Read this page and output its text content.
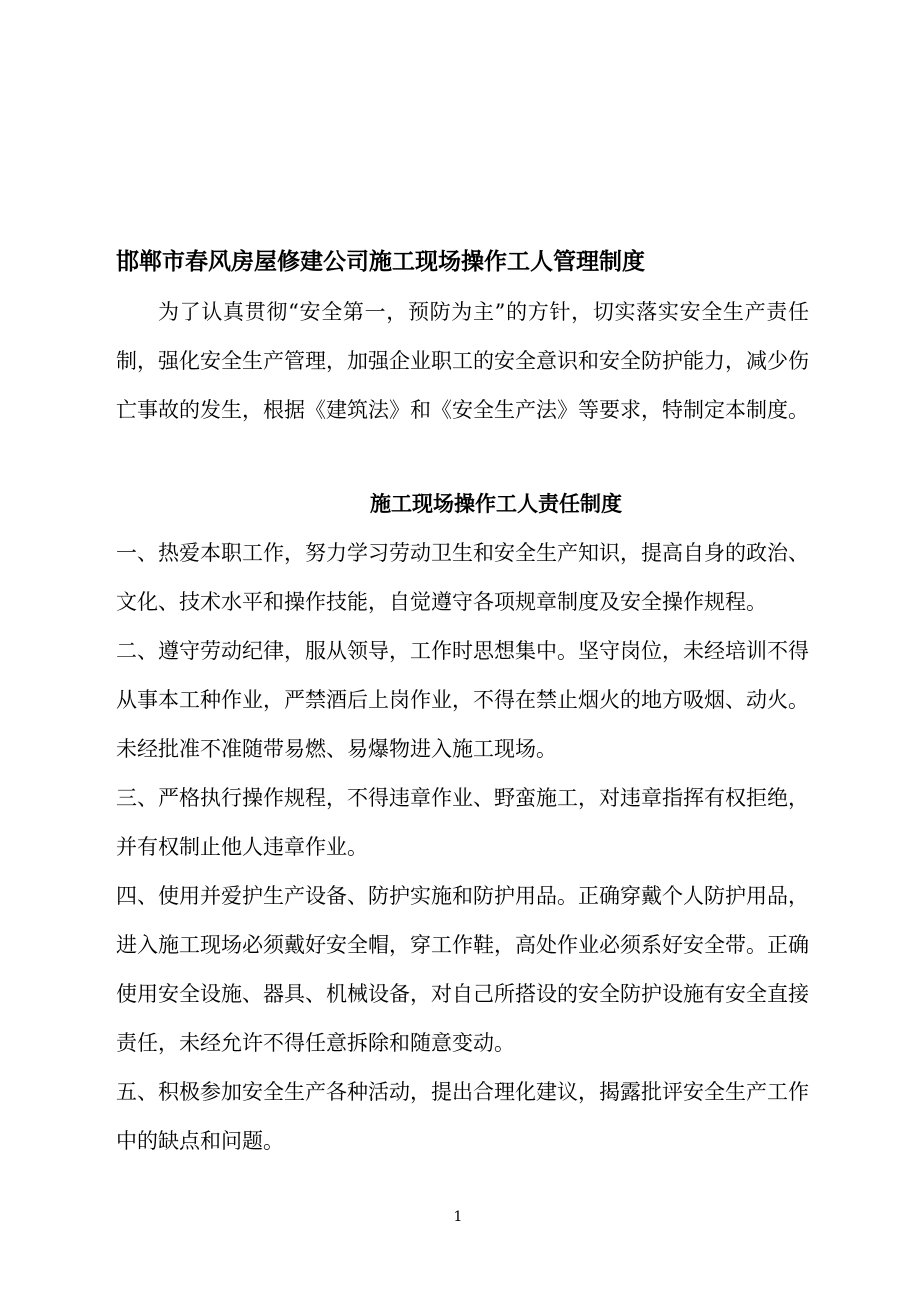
邯郸市春风房屋修建公司施工现场操作工人管理制度

为了认真贯彻“安全第一，预防为主”的方针，切实落实安全生产责任制，强化安全生产管理，加强企业职工的安全意识和安全防护能力，减少伤亡事故的发生，根据《建筑法》和《安全生产法》等要求，特制定本制度。

施工现场操作工人责任制度

一、热爱本职工作，努力学习劳动卫生和安全生产知识，提高自身的政治、文化、技术水平和操作技能，自觉遵守各项规章制度及安全操作规程。

二、遵守劳动纪律，服从领导，工作时思想集中。坚守岗位，未经培训不得从事本工种作业，严禁酒后上岗作业，不得在禁止烟火的地方吸烟、动火。未经批准不准随带易燃、易爆物进入施工现场。

三、严格执行操作规程，不得违章作业、野蛮施工，对违章指挥有权拒绝，并有权制止他人违章作业。

四、使用并爱护生产设备、防护实施和防护用品。正确穿戴个人防护用品，进入施工现场必须戴好安全帽，穿工作鞋，高处作业必须系好安全带。正确使用安全设施、器具、机械设备，对自己所搭设的安全防护设施有安全直接责任，未经允许不得任意拆除和随意变动。

五、积极参加安全生产各种活动，提出合理化建议，揭露批评安全生产工作中的缺点和问题。

1
